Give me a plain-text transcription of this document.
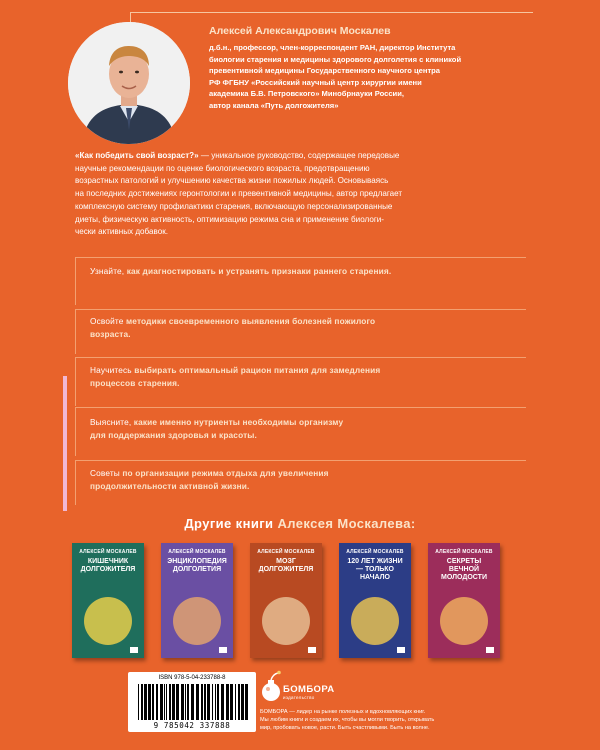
Алексей Александрович Москалев
д.б.н., профессор, член-корреспондент РАН, директор Института
биологии старения и медицины здорового долголетия с клиникой
превентивной медицины Государственного научного центра
РФ ФГБНУ «Российский научный центр хирургии имени
академика Б.В. Петровского» Минобрнауки России,
автор канала «Путь долгожителя»
«Как победить свой возраст?» — уникальное руководство, содержащее передовые
научные рекомендации по оценке биологического возраста, предотвращению
возрастных патологий и улучшению качества жизни пожилых людей. Основываясь
на последних достижениях геронтологии и превентивной медицины, автор предлагает
комплексную систему профилактики старения, включающую персонализированные
диеты, физическую активность, оптимизацию режима сна и применение биологи-
чески активных добавок.
Узнайте, как диагностировать и устранять признаки раннего старения.
Освойте методики своевременного выявления болезней пожилого
возраста.
Научитесь выбирать оптимальный рацион питания для замедления
процессов старения.
Выясните, какие именно нутриенты необходимы организму
для поддержания здоровья и красоты.
Советы по организации режима отдыха для увеличения
продолжительности активной жизни.
Другие книги Алексея Москалева:
АЛЕКСЕЙ МОСКАЛЕВ
КИШЕЧНИК ДОЛГОЖИТЕЛЯ
АЛЕКСЕЙ МОСКАЛЕВ
ЭНЦИКЛОПЕДИЯ ДОЛГОЛЕТИЯ
АЛЕКСЕЙ МОСКАЛЕВ
МОЗГ ДОЛГОЖИТЕЛЯ
АЛЕКСЕЙ МОСКАЛЕВ
120 ЛЕТ ЖИЗНИ — ТОЛЬКО НАЧАЛО
АЛЕКСЕЙ МОСКАЛЕВ
СЕКРЕТЫ ВЕЧНОЙ МОЛОДОСТИ
ISBN 978-5-04-233788-8
9 785042 337888
БОМБОРА
издательство
БОМБОРА — лидер на рынке полезных и вдохновляющих книг.
Мы любим книги и создаем их, чтобы вы могли творить, открывать
мир, пробовать новое, расти. Быть счастливыми. Быть на волне.
